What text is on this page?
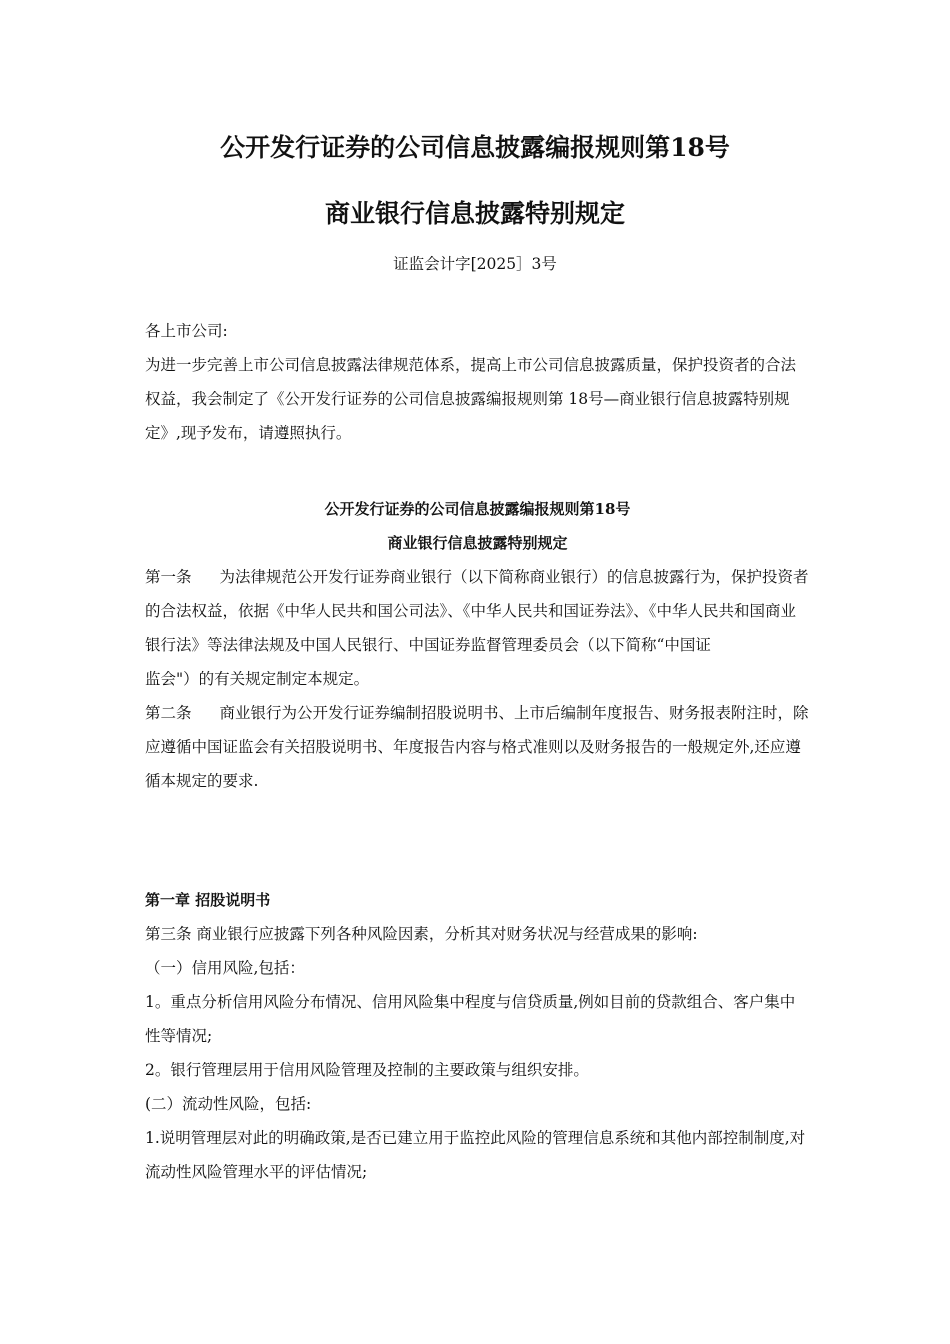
公开发行证券的公司信息披露编报规则第18号
商业银行信息披露特别规定
证监会计字[2025］3号

各上市公司:

为进一步完善上市公司信息披露法律规范体系，提高上市公司信息披露质量，保护投资者的合法权益，我会制定了《公开发行证券的公司信息披露编报规则第 18号—商业银行信息披露特别规定》,现予发布，请遵照执行。

公开发行证券的公司信息披露编报规则第18号

商业银行信息披露特别规定

第一条 为法律规范公开发行证券商业银行（以下简称商业银行）的信息披露行为，保护投资者的合法权益，依据《中华人民共和国公司法》、《中华人民共和国证券法》、《中华人民共和国商业银行法》等法律法规及中国人民银行、中国证券监督管理委员会（以下简称“中国证

监会"）的有关规定制定本规定。

第二条 商业银行为公开发行证券编制招股说明书、上市后编制年度报告、财务报表附注时，除应遵循中国证监会有关招股说明书、年度报告内容与格式准则以及财务报告的一般规定外,还应遵循本规定的要求.

第一章 招股说明书

第三条 商业银行应披露下列各种风险因素，分析其对财务状况与经营成果的影响:

（一）信用风险,包括：

1。重点分析信用风险分布情况、信用风险集中程度与信贷质量,例如目前的贷款组合、客户集中性等情况;

2。银行管理层用于信用风险管理及控制的主要政策与组织安排。

(二）流动性风险，包括:

1.说明管理层对此的明确政策,是否已建立用于监控此风险的管理信息系统和其他内部控制制度,对流动性风险管理水平的评估情况;
